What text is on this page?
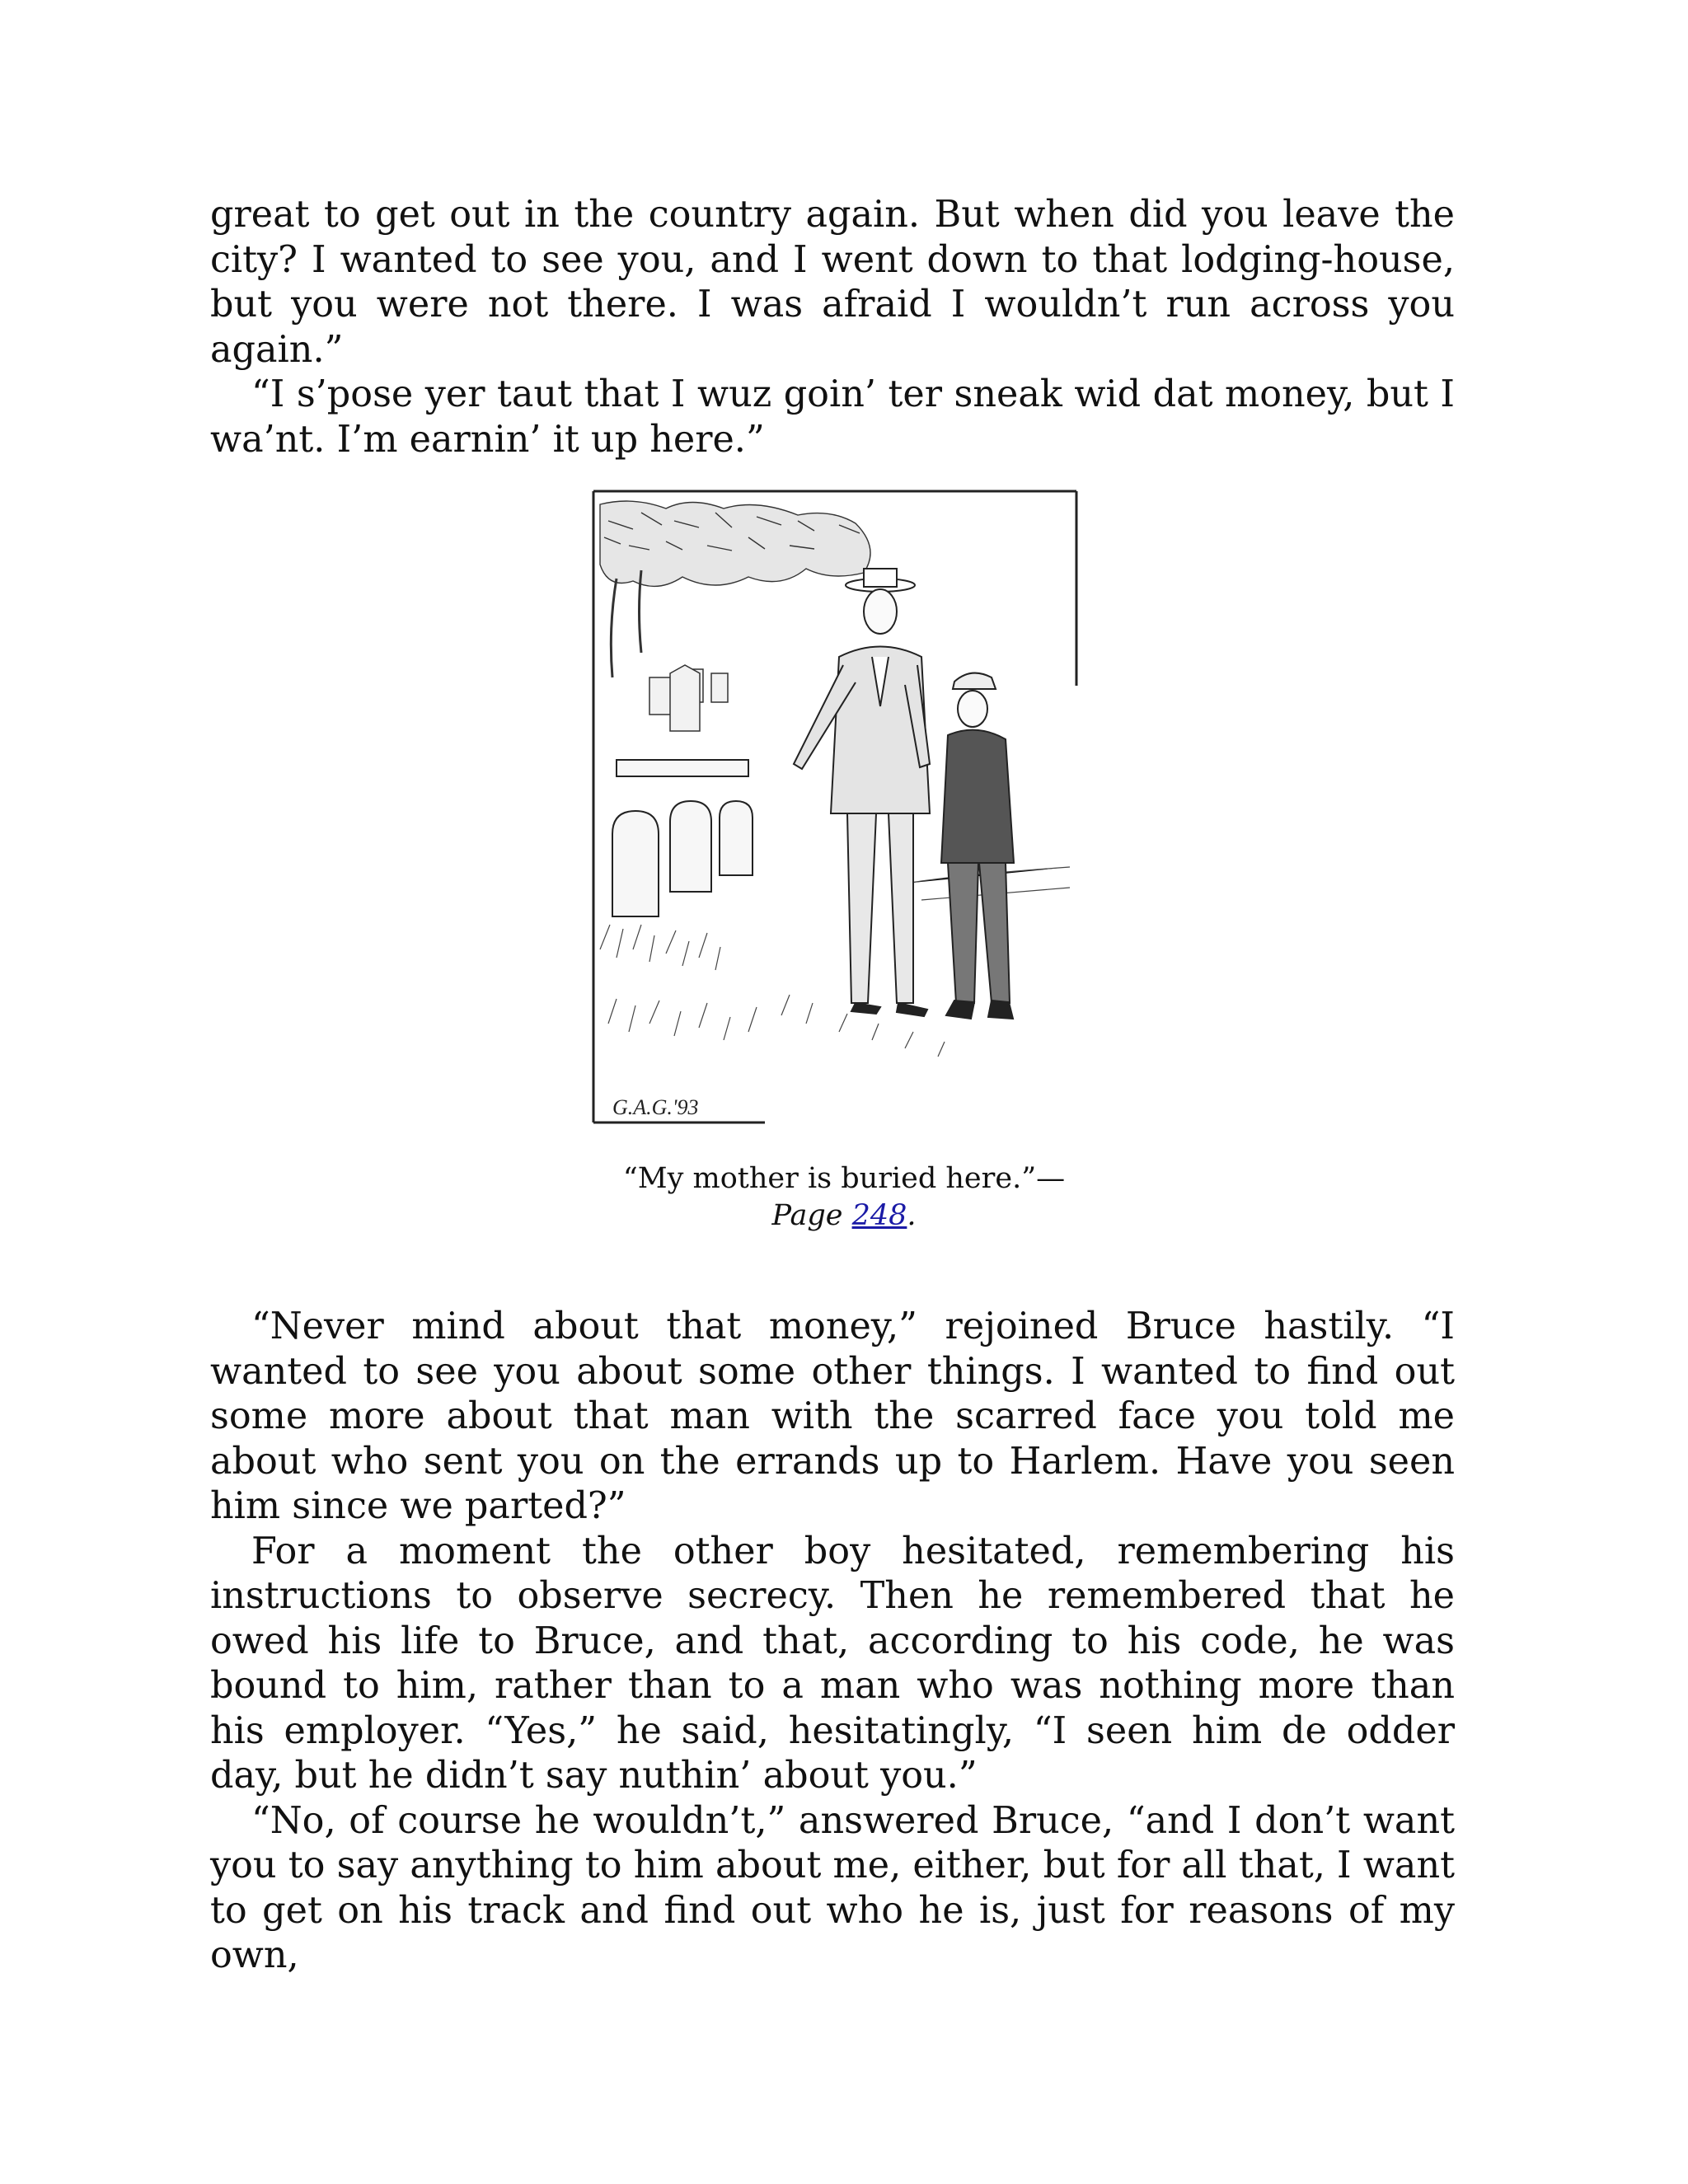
great to get out in the country again. But when did you leave the city? I wanted to see you, and I went down to that lodging-house, but you were not there. I was afraid I wouldn’t run across you again.”

“I s’pose yer taut that I wuz goin’ ter sneak wid dat money, but I wa’nt. I’m earnin’ it up here.”

G.A.G.'93
“My mother is buried here.”—
Page 248.

“Never mind about that money,” rejoined Bruce hastily. “I wanted to see you about some other things. I wanted to find out some more about that man with the scarred face you told me about who sent you on the errands up to Harlem. Have you seen him since we parted?”

For a moment the other boy hesitated, remembering his instructions to observe secrecy. Then he remembered that he owed his life to Bruce, and that, according to his code, he was bound to him, rather than to a man who was nothing more than his employer. “Yes,” he said, hesitatingly, “I seen him de odder day, but he didn’t say nuthin’ about you.”

“No, of course he wouldn’t,” answered Bruce, “and I don’t want you to say anything to him about me, either, but for all that, I want to get on his track and find out who he is, just for reasons of my own,
